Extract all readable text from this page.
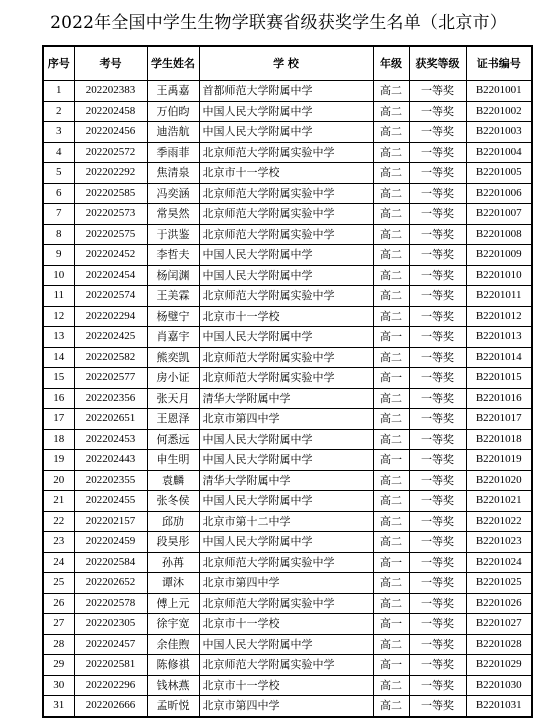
2022年全国中学生生物学联赛省级获奖学生名单（北京市）
序号	考号	学生姓名	学 校	年级	获奖等级	证书编号
1	202202383	王禹嘉	首都师范大学附属中学	高二	一等奖	B2201001
2	202202458	万伯昀	中国人民大学附属中学	高二	一等奖	B2201002
3	202202456	迪浩航	中国人民大学附属中学	高二	一等奖	B2201003
4	202202572	季雨菲	北京师范大学附属实验中学	高二	一等奖	B2201004
5	202202292	焦清泉	北京市十一学校	高二	一等奖	B2201005
6	202202585	冯奕涵	北京师范大学附属实验中学	高二	一等奖	B2201006
7	202202573	常昊然	北京师范大学附属实验中学	高二	一等奖	B2201007
8	202202575	于洪鉴	北京师范大学附属实验中学	高二	一等奖	B2201008
9	202202452	李哲夫	中国人民大学附属中学	高二	一等奖	B2201009
10	202202454	杨闰渊	中国人民大学附属中学	高二	一等奖	B2201010
11	202202574	王美霖	北京师范大学附属实验中学	高二	一等奖	B2201011
12	202202294	杨璧宁	北京市十一学校	高二	一等奖	B2201012
13	202202425	肖嘉宇	中国人民大学附属中学	高一	一等奖	B2201013
14	202202582	熊奕凯	北京师范大学附属实验中学	高二	一等奖	B2201014
15	202202577	房小证	北京师范大学附属实验中学	高一	一等奖	B2201015
16	202202356	张天月	清华大学附属中学	高二	一等奖	B2201016
17	202202651	王恩泽	北京市第四中学	高二	一等奖	B2201017
18	202202453	何悉远	中国人民大学附属中学	高二	一等奖	B2201018
19	202202443	申生明	中国人民大学附属中学	高一	一等奖	B2201019
20	202202355	袁麟	清华大学附属中学	高二	一等奖	B2201020
21	202202455	张冬侯	中国人民大学附属中学	高二	一等奖	B2201021
22	202202157	邱劢	北京市第十二中学	高二	一等奖	B2201022
23	202202459	段昊彤	中国人民大学附属中学	高二	一等奖	B2201023
24	202202584	孙苒	北京师范大学附属实验中学	高一	一等奖	B2201024
25	202202652	谭沐	北京市第四中学	高二	一等奖	B2201025
26	202202578	傅上元	北京师范大学附属实验中学	高二	一等奖	B2201026
27	202202305	徐宇宽	北京市十一学校	高一	一等奖	B2201027
28	202202457	余佳煦	中国人民大学附属中学	高二	一等奖	B2201028
29	202202581	陈修祺	北京师范大学附属实验中学	高一	一等奖	B2201029
30	202202296	钱林燕	北京市十一学校	高二	一等奖	B2201030
31	202202666	孟昕悦	北京市第四中学	高二	一等奖	B2201031
